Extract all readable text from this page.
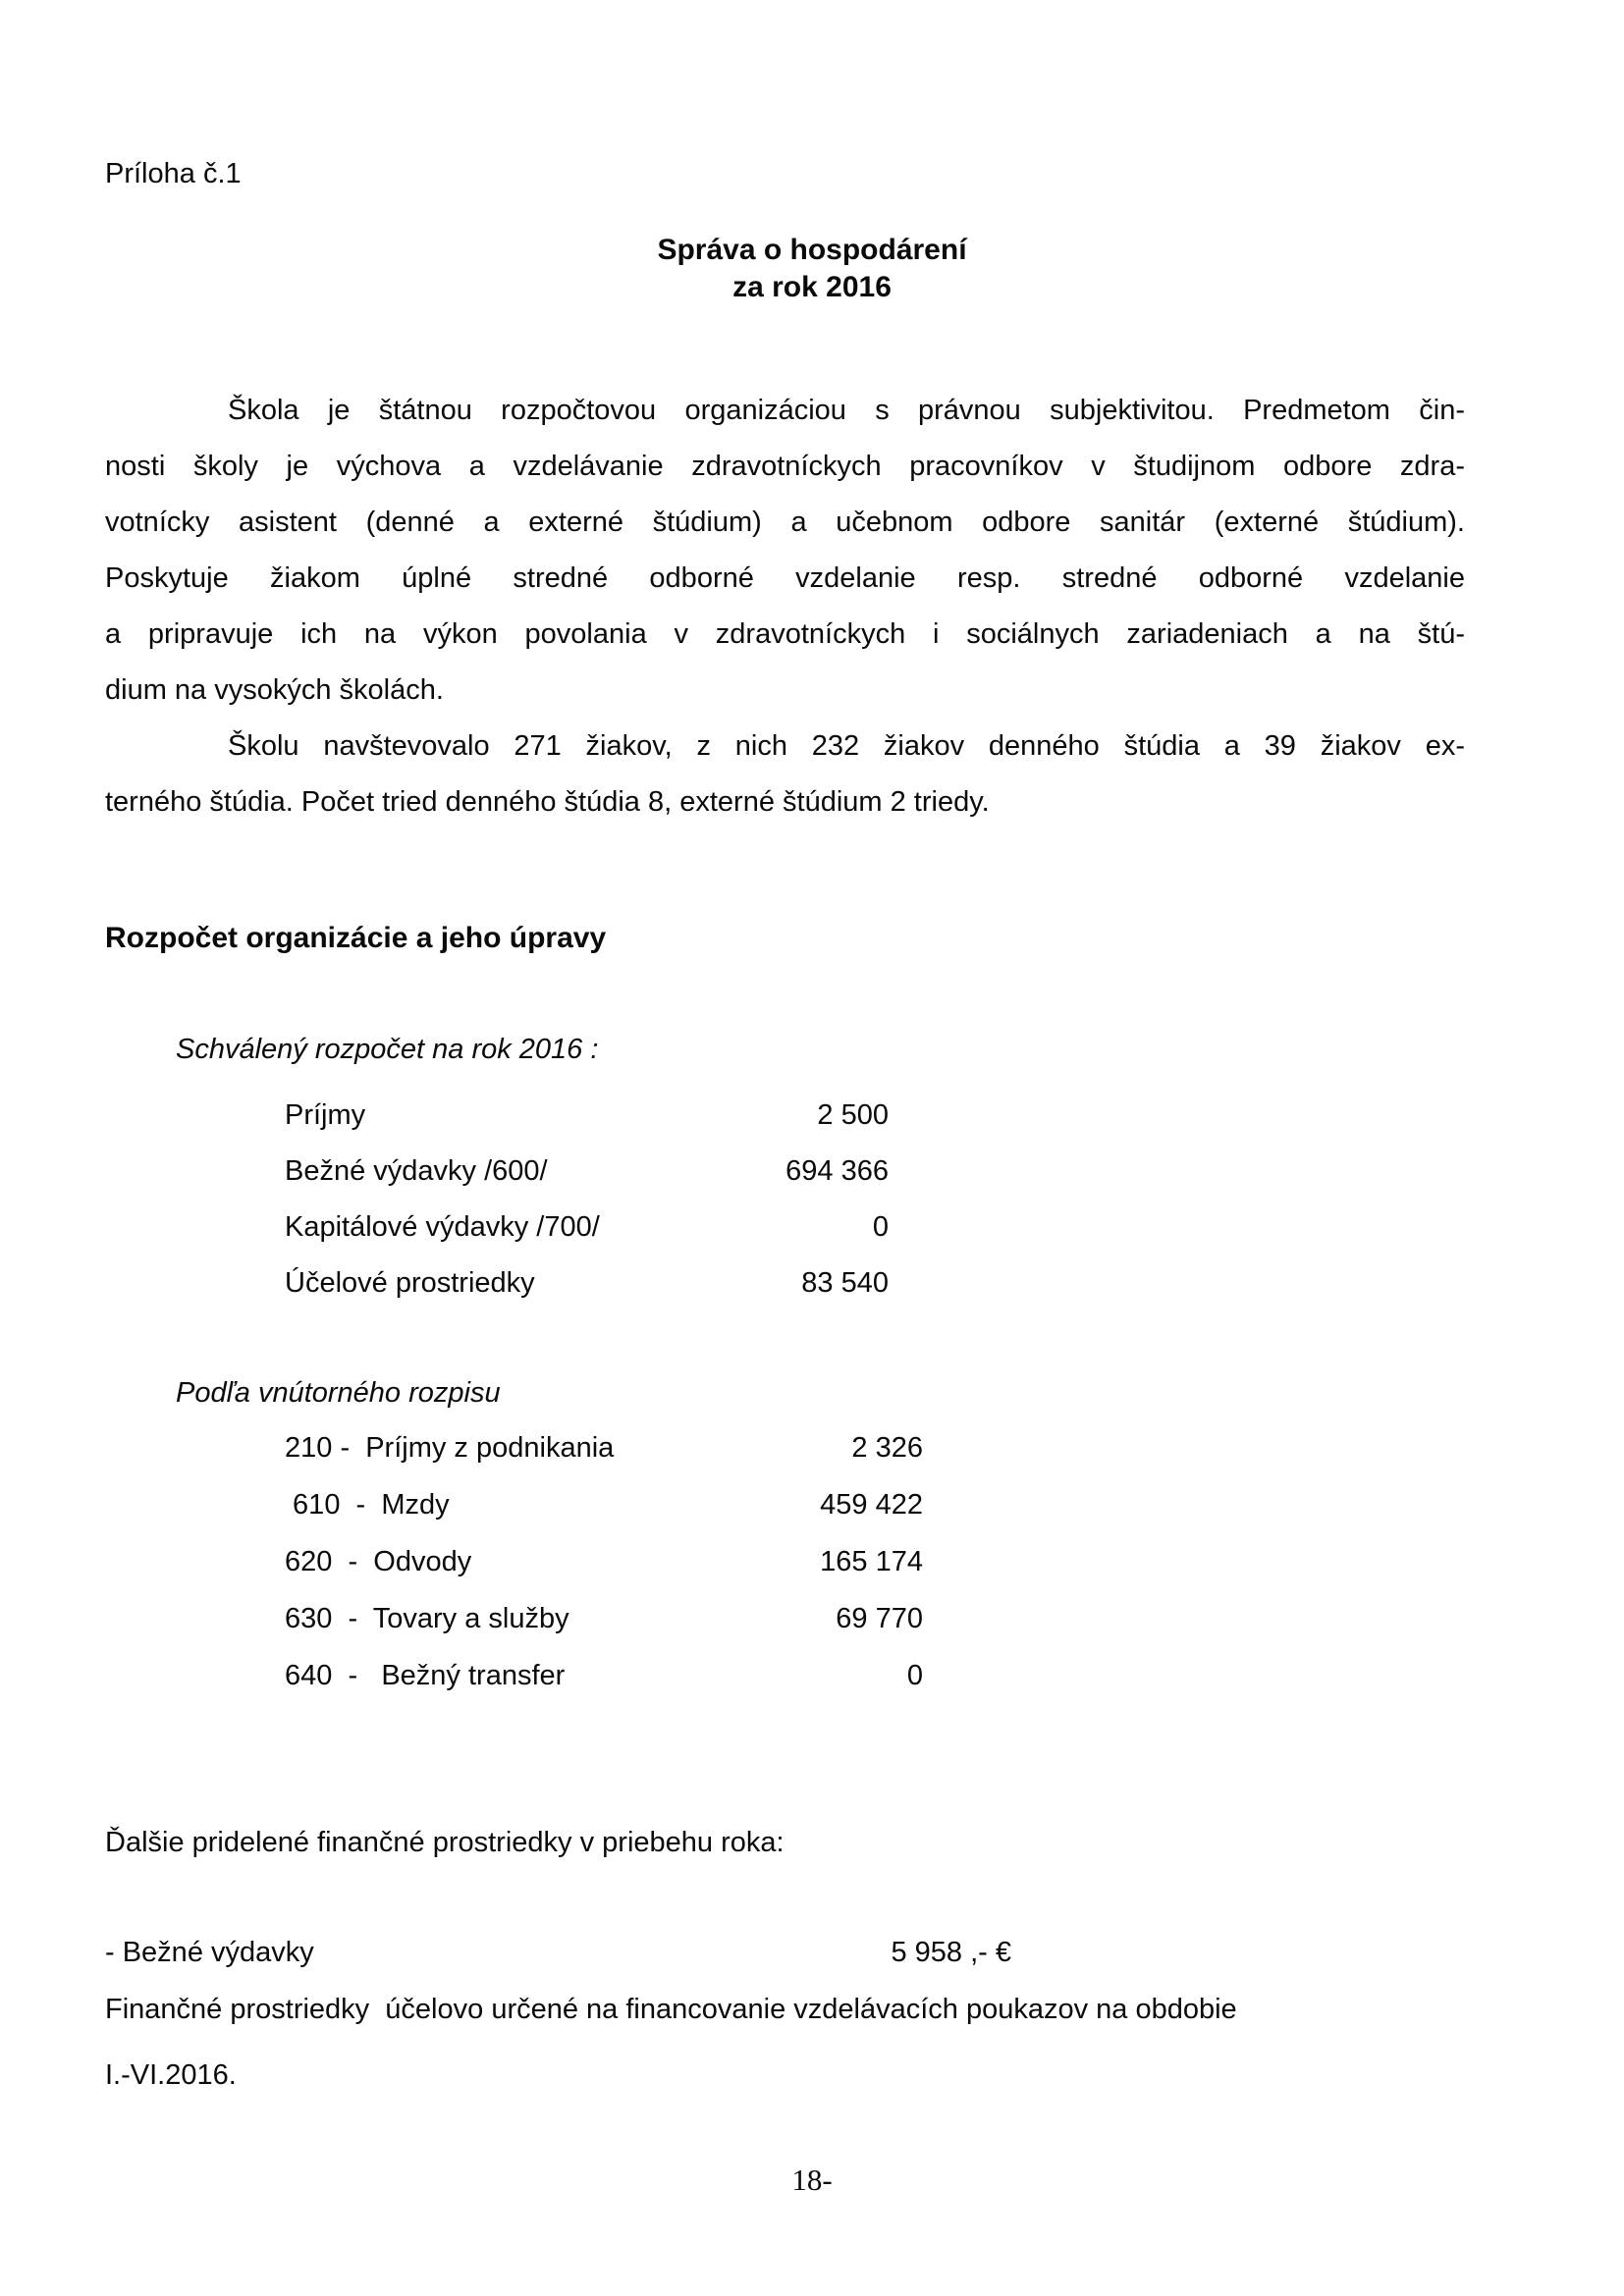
Príloha č.1
Správa o hospodárení
za rok 2016
Škola je štátnou rozpočtovou organizáciou s právnou subjektivitou. Predmetom čin-
nosti školy je výchova a vzdelávanie zdravotníckych pracovníkov v študijnom odbore zdra-
votnícky asistent (denné a externé štúdium) a učebnom odbore sanitár (externé štúdium).
Poskytuje žiakom úplné stredné odborné vzdelanie resp. stredné odborné vzdelanie
a pripravuje ich na výkon povolania v zdravotníckych i sociálnych zariadeniach a na štú-
dium na vysokých školách.
Školu navštevovalo 271 žiakov, z nich 232 žiakov denného štúdia a 39 žiakov ex-
terného štúdia. Počet tried denného štúdia 8, externé štúdium 2 triedy.
Rozpočet organizácie a jeho úpravy
Schválený rozpočet na rok 2016 :
Príjmy	2 500
Bežné výdavky /600/	694 366
Kapitálové výdavky /700/	0
Účelové prostriedky	83 540
Podľa vnútorného rozpisu
210 -  Príjmy z podnikania	2 326
610  -  Mzdy	459 422
620  -  Odvody	165 174
630  -  Tovary a služby	69 770
640  -   Bežný transfer	0
Ďalšie pridelené finančné prostriedky v priebehu roka:
- Bežné výdavky	5 958 ,- €
Finančné prostriedky  účelovo určené na financovanie vzdelávacích poukazov na obdobie
I.-VI.2016.
18-
